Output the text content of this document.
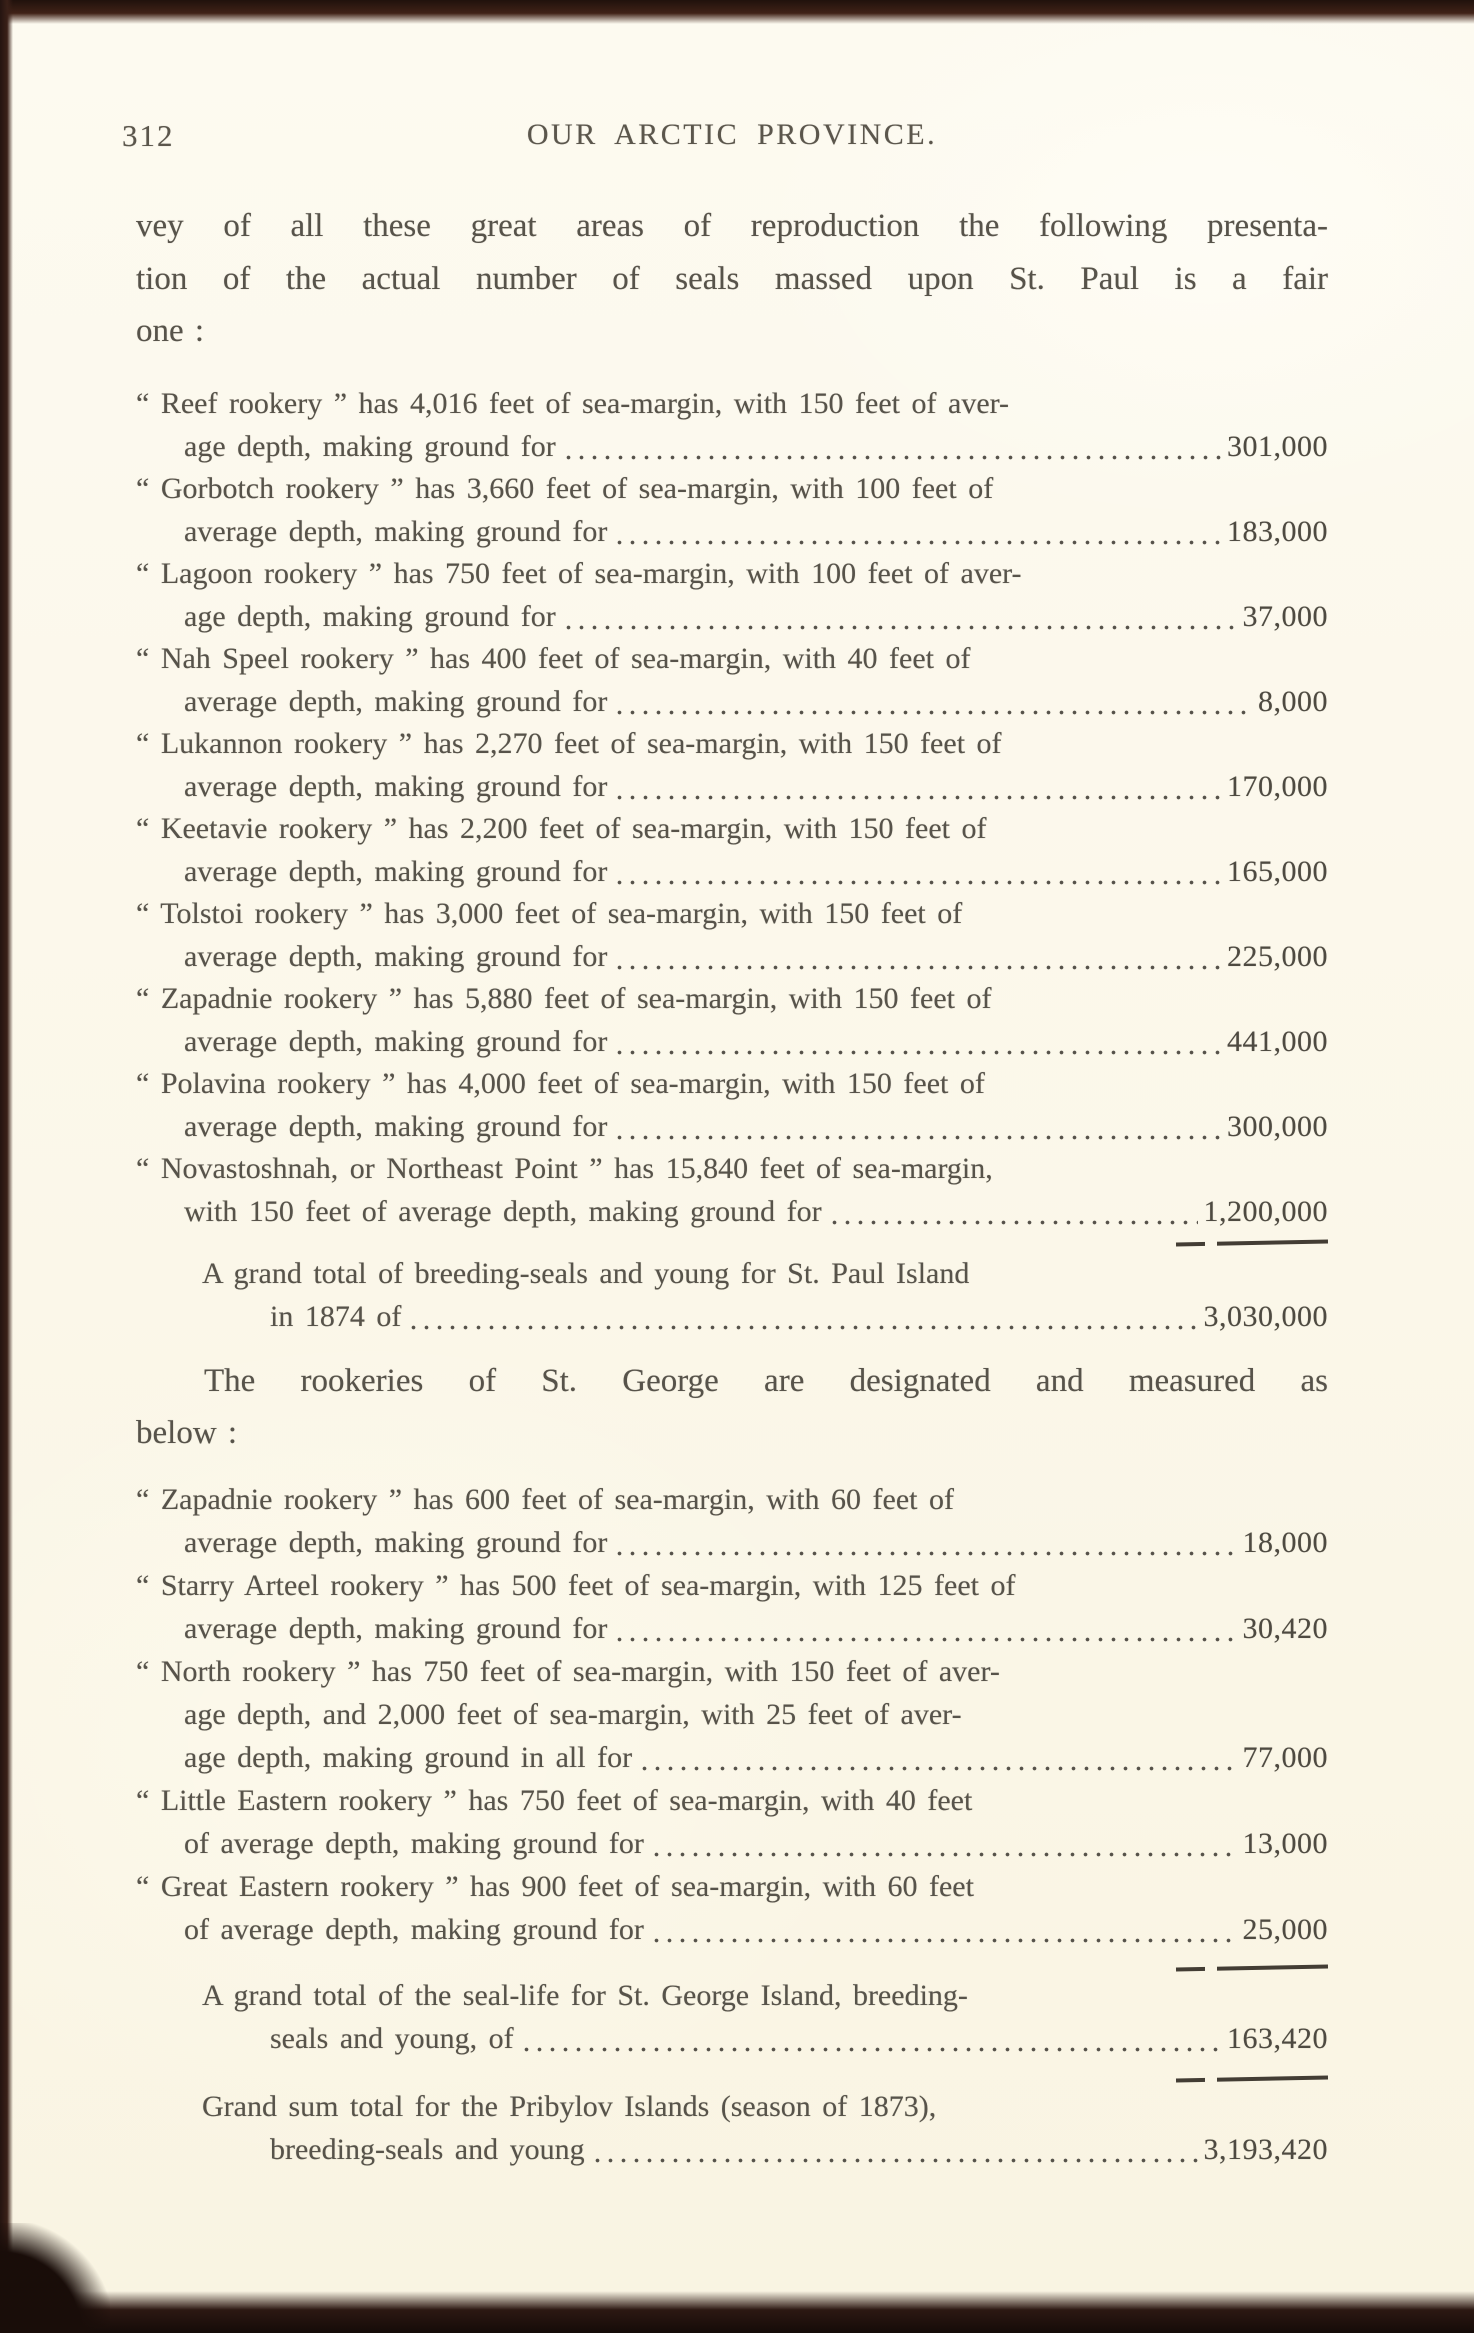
312	OUR ARCTIC PROVINCE.
vey of all these great areas of reproduction the following presenta-
tion of the actual number of seals massed upon St. Paul is a fair
one :
“ Reef rookery ” has 4,016 feet of sea-margin, with 150 feet of aver-
age depth, making ground for	301,000
“ Gorbotch rookery ” has 3,660 feet of sea-margin, with 100 feet of
average depth, making ground for	183,000
“ Lagoon rookery ” has 750 feet of sea-margin, with 100 feet of aver-
age depth, making ground for	37,000
“ Nah Speel rookery ” has 400 feet of sea-margin, with 40 feet of
average depth, making ground for	8,000
“ Lukannon rookery ” has 2,270 feet of sea-margin, with 150 feet of
average depth, making ground for	170,000
“ Keetavie rookery ” has 2,200 feet of sea-margin, with 150 feet of
average depth, making ground for	165,000
“ Tolstoi rookery ” has 3,000 feet of sea-margin, with 150 feet of
average depth, making ground for	225,000
“ Zapadnie rookery ” has 5,880 feet of sea-margin, with 150 feet of
average depth, making ground for	441,000
“ Polavina rookery ” has 4,000 feet of sea-margin, with 150 feet of
average depth, making ground for	300,000
“ Novastoshnah, or Northeast Point ” has 15,840 feet of sea-margin,
with 150 feet of average depth, making ground for	1,200,000
A grand total of breeding-seals and young for St. Paul Island
in 1874 of	3,030,000
The rookeries of St. George are designated and measured as
below :
“ Zapadnie rookery ” has 600 feet of sea-margin, with 60 feet of
average depth, making ground for	18,000
“ Starry Arteel rookery ” has 500 feet of sea-margin, with 125 feet of
average depth, making ground for	30,420
“ North rookery ” has 750 feet of sea-margin, with 150 feet of aver-
age depth, and 2,000 feet of sea-margin, with 25 feet of aver-
age depth, making ground in all for	77,000
“ Little Eastern rookery ” has 750 feet of sea-margin, with 40 feet
of average depth, making ground for	13,000
“ Great Eastern rookery ” has 900 feet of sea-margin, with 60 feet
of average depth, making ground for	25,000
A grand total of the seal-life for St. George Island, breeding-
seals and young, of	163,420
Grand sum total for the Pribylov Islands (season of 1873),
breeding-seals and young	3,193,420
